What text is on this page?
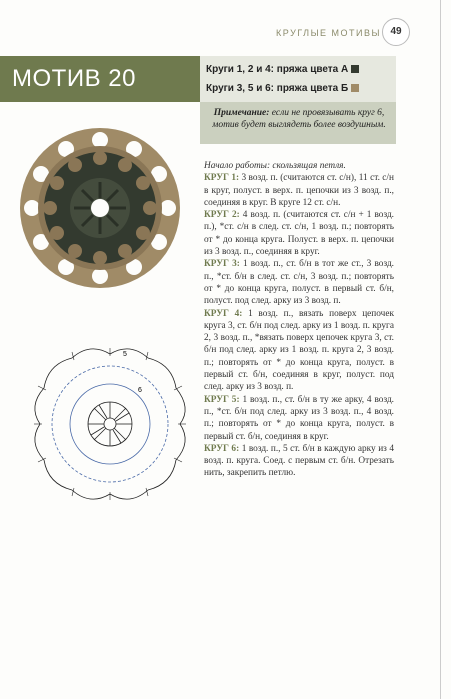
КРУГЛЫЕ МОТИВЫ 49
МОТИВ 20	Круги 1, 2 и 4: пряжа цвета А
Круги 3, 5 и 6: пряжа цвета Б
Примечание: если не провязывать круг 6, мотив будет выглядеть более воздушным.
5
6

Начало работы: скользящая петля.

КРУГ 1: 3 возд. п. (считаются ст. с/н), 11 ст. с/н в круг, полуст. в верх. п. цепочки из 3 возд. п., соединяя в круг. В круге 12 ст. с/н.

КРУГ 2: 4 возд. п. (считаются ст. с/н + 1 возд. п.), *ст. с/н в след. ст. с/н, 1 возд. п.; повторять от * до конца круга. Полуст. в верх. п. цепочки из 3 возд. п., соединяя в круг.

КРУГ 3: 1 возд. п., ст. б/н в тот же ст., 3 возд. п., *ст. б/н в след. ст. с/н, 3 возд. п.; повторять от * до конца круга, полуст. в первый ст. б/н, полуст. под след. арку из 3 возд. п.

КРУГ 4: 1 возд. п., вязать поверх цепочек круга 3, ст. б/н под след. арку из 1 возд. п. круга 2, 3 возд. п., *вязать поверх цепочек круга 3, ст. б/н под след. арку из 1 возд. п. круга 2, 3 возд. п.; повторять от * до конца круга, полуст. в первый ст. б/н, соединяя в круг, полуст. под след. арку из 3 возд. п.

КРУГ 5: 1 возд. п., ст. б/н в ту же арку, 4 возд. п., *ст. б/н под след. арку из 3 возд. п., 4 возд. п.; повторять от * до конца круга, полуст. в первый ст. б/н, соединяя в круг.

КРУГ 6: 1 возд. п., 5 ст. б/н в каждую арку из 4 возд. п. круга. Соед. с первым ст. б/н. Отрезать нить, закрепить петлю.
